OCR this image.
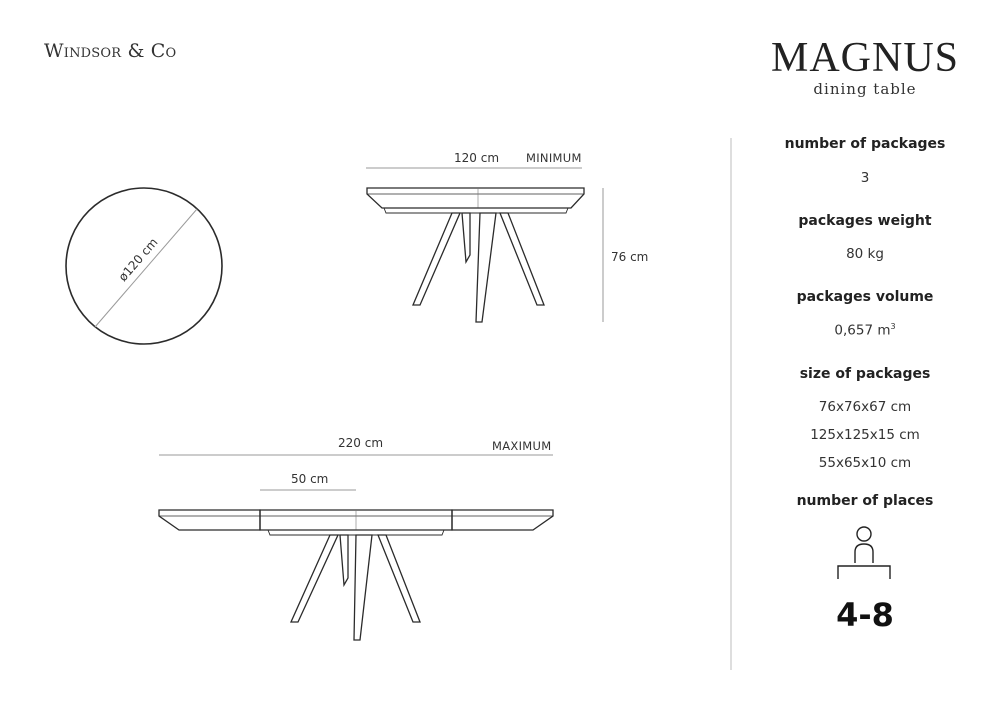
Windsor & Co	MAGNUS
dining table
ø120 cm
120 cm MINIMUM
76 cm
220 cm	MAXIMUM
50 cm

number of packages

3

packages weight

80 kg

packages volume

0,657 $m^3$

size of packages

76x76x67 cm

125x125x15 cm

55x65x10 cm

number of places

4-8
